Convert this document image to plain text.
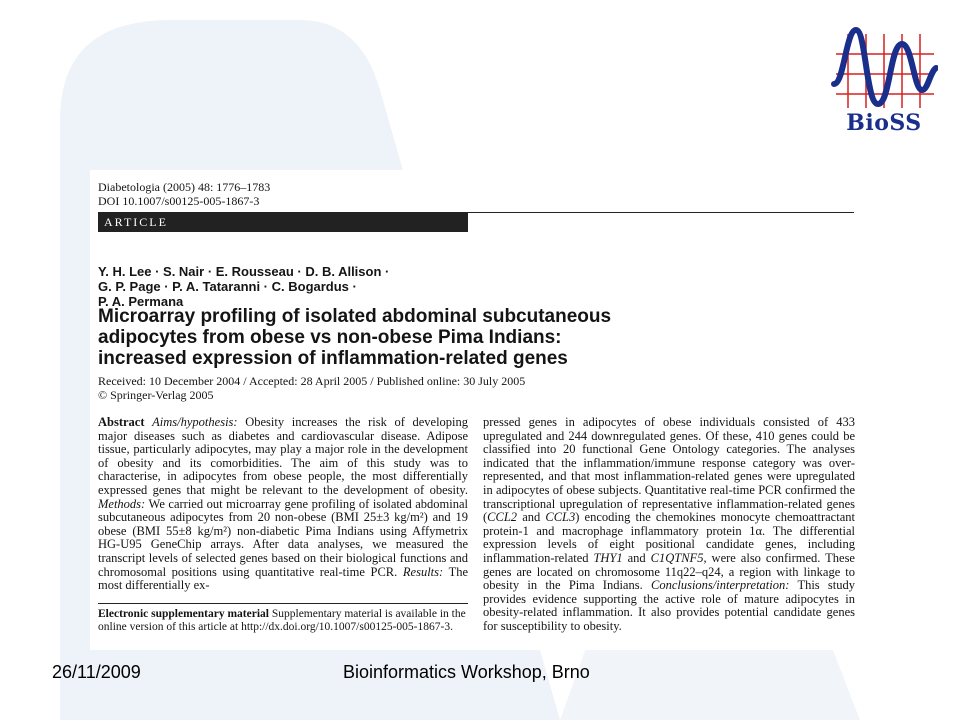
BioSS
Diabetologia (2005) 48: 1776–1783
DOI 10.1007/s00125-005-1867-3
ARTICLE
Y. H. Lee · S. Nair · E. Rousseau · D. B. Allison ·
G. P. Page · P. A. Tataranni · C. Bogardus ·
P. A. Permana
Microarray profiling of isolated abdominal subcutaneous
adipocytes from obese vs non-obese Pima Indians:
increased expression of inflammation-related genes
Received: 10 December 2004 / Accepted: 28 April 2005 / Published online: 30 July 2005
© Springer-Verlag 2005
Abstract Aims/hypothesis: Obesity increases the risk of developing major diseases such as diabetes and cardiovascular disease. Adipose tissue, particularly adipocytes, may play a major role in the development of obesity and its comorbidities. The aim of this study was to characterise, in adipocytes from obese people, the most differentially expressed genes that might be relevant to the development of obesity. Methods: We carried out microarray gene profiling of isolated abdominal subcutaneous adipocytes from 20 non-obese (BMI 25±3 kg/m²) and 19 obese (BMI 55±8 kg/m²) non-diabetic Pima Indians using Affymetrix HG-U95 GeneChip arrays. After data analyses, we measured the transcript levels of selected genes based on their biological functions and chromosomal positions using quantitative real-time PCR. Results: The most differentially ex-
pressed genes in adipocytes of obese individuals consisted of 433 upregulated and 244 downregulated genes. Of these, 410 genes could be classified into 20 functional Gene Ontology categories. The analyses indicated that the inflammation/immune response category was over-represented, and that most inflammation-related genes were upregulated in adipocytes of obese subjects. Quantitative real-time PCR confirmed the transcriptional upregulation of representative inflammation-related genes (CCL2 and CCL3) encoding the chemokines monocyte chemoattractant protein-1 and macrophage inflammatory protein 1α. The differential expression levels of eight positional candidate genes, including inflammation-related THY1 and C1QTNF5, were also confirmed. These genes are located on chromosome 11q22–q24, a region with linkage to obesity in the Pima Indians. Conclusions/interpretation: This study provides evidence supporting the active role of mature adipocytes in obesity-related inflammation. It also provides potential candidate genes for susceptibility to obesity.
Electronic supplementary material Supplementary material is available in the online version of this article at http://dx.doi.org/10.1007/s00125-005-1867-3.
26/11/2009	Bioinformatics Workshop, Brno
